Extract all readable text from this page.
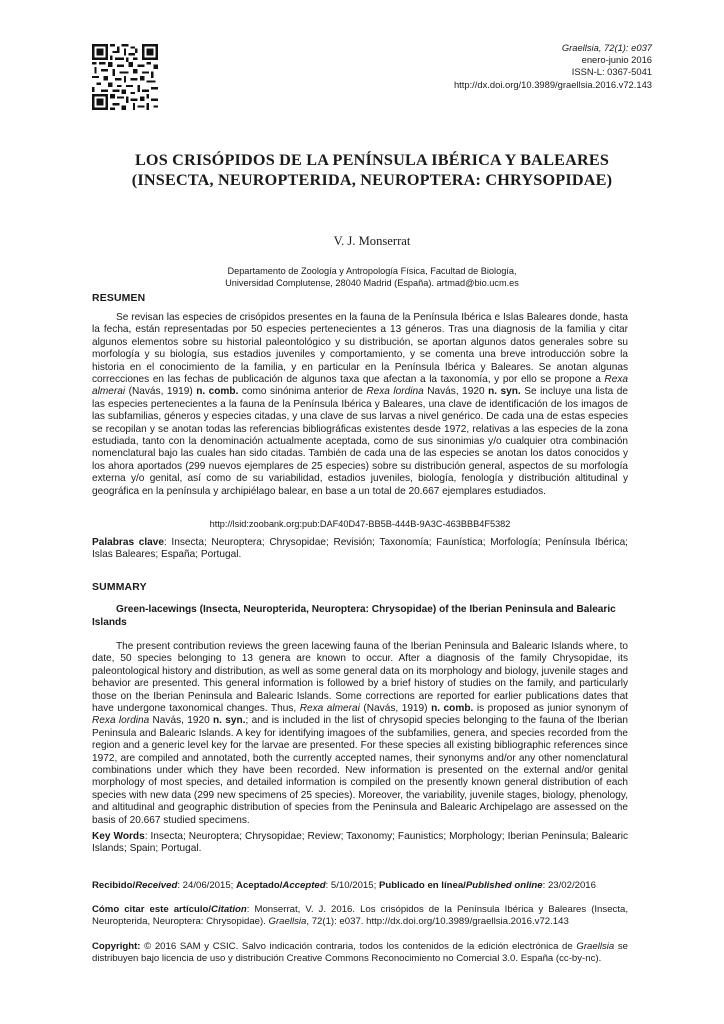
Graellsia, 72(1): e037
enero-junio 2016
ISSN-L: 0367-5041
http://dx.doi.org/10.3989/graellsia.2016.v72.143
LOS CRISÓPIDOS DE LA PENÍNSULA IBÉRICA Y BALEARES
(INSECTA, NEUROPTERIDA, NEUROPTERA: CHRYSOPIDAE)
V. J. Monserrat
Departamento de Zoología y Antropología Física, Facultad de Biología,
Universidad Complutense, 28040 Madrid (España). artmad@bio.ucm.es
RESUMEN
Se revisan las especies de crisópidos presentes en la fauna de la Península Ibérica e Islas Baleares donde, hasta la fecha, están representadas por 50 especies pertenecientes a 13 géneros. Tras una diagnosis de la familia y citar algunos elementos sobre su historial paleontológico y su distribución, se aportan algunos datos generales sobre su morfología y su biología, sus estadios juveniles y comportamiento, y se comenta una breve introducción sobre la historia en el conocimiento de la familia, y en particular en la Península Ibérica y Baleares. Se anotan algunas correcciones en las fechas de publicación de algunos taxa que afectan a la taxonomía, y por ello se propone a Rexa almerai (Navás, 1919) n. comb. como sinónima anterior de Rexa lordina Navás, 1920 n. syn. Se incluye una lista de las especies pertenecientes a la fauna de la Península Ibérica y Baleares, una clave de identificación de los imagos de las subfamilias, géneros y especies citadas, y una clave de sus larvas a nivel genérico. De cada una de estas especies se recopilan y se anotan todas las referencias bibliográficas existentes desde 1972, relativas a las especies de la zona estudiada, tanto con la denominación actualmente aceptada, como de sus sinonimias y/o cualquier otra combinación nomenclatural bajo las cuales han sido citadas. También de cada una de las especies se anotan los datos conocidos y los ahora aportados (299 nuevos ejemplares de 25 especies) sobre su distribución general, aspectos de su morfología externa y/o genital, así como de su variabilidad, estadios juveniles, biología, fenología y distribución altitudinal y geográfica en la península y archipiélago balear, en base a un total de 20.667 ejemplares estudiados.
http://lsid:zoobank.org:pub:DAF40D47-BB5B-444B-9A3C-463BBB4F5382
Palabras clave: Insecta; Neuroptera; Chrysopidae; Revisión; Taxonomía; Faunística; Morfología; Península Ibérica; Islas Baleares; España; Portugal.
SUMMARY
Green-lacewings (Insecta, Neuropterida, Neuroptera: Chrysopidae) of the Iberian Peninsula and Balearic Islands
The present contribution reviews the green lacewing fauna of the Iberian Peninsula and Balearic Islands where, to date, 50 species belonging to 13 genera are known to occur. After a diagnosis of the family Chrysopidae, its paleontological history and distribution, as well as some general data on its morphology and biology, juvenile stages and behavior are presented. This general information is followed by a brief history of studies on the family, and particularly those on the Iberian Peninsula and Balearic Islands. Some corrections are reported for earlier publications dates that have undergone taxonomical changes. Thus, Rexa almerai (Navás, 1919) n. comb. is proposed as junior synonym of Rexa lordina Navás, 1920 n. syn.; and is included in the list of chrysopid species belonging to the fauna of the Iberian Peninsula and Balearic Islands. A key for identifying imagoes of the subfamilies, genera, and species recorded from the region and a generic level key for the larvae are presented. For these species all existing bibliographic references since 1972, are compiled and annotated, both the currently accepted names, their synonyms and/or any other nomenclatural combinations under which they have been recorded. New information is presented on the external and/or genital morphology of most species, and detailed information is compiled on the presently known general distribution of each species with new data (299 new specimens of 25 species). Moreover, the variability, juvenile stages, biology, phenology, and altitudinal and geographic distribution of species from the Peninsula and Balearic Archipelago are assessed on the basis of 20.667 studied specimens.
Key Words: Insecta; Neuroptera; Chrysopidae; Review; Taxonomy; Faunistics; Morphology; Iberian Peninsula; Balearic Islands; Spain; Portugal.
Recibido/Received: 24/06/2015; Aceptado/Accepted: 5/10/2015; Publicado en línea/Published online: 23/02/2016
Cómo citar este artículo/Citation: Monserrat, V. J. 2016. Los crisópidos de la Península Ibérica y Baleares (Insecta, Neuropterida, Neuroptera: Chrysopidae). Graellsia, 72(1): e037. http://dx.doi.org/10.3989/graellsia.2016.v72.143
Copyright: © 2016 SAM y CSIC. Salvo indicación contraria, todos los contenidos de la edición electrónica de Graellsia se distribuyen bajo licencia de uso y distribución Creative Commons Reconocimiento no Comercial 3.0. España (cc-by-nc).
